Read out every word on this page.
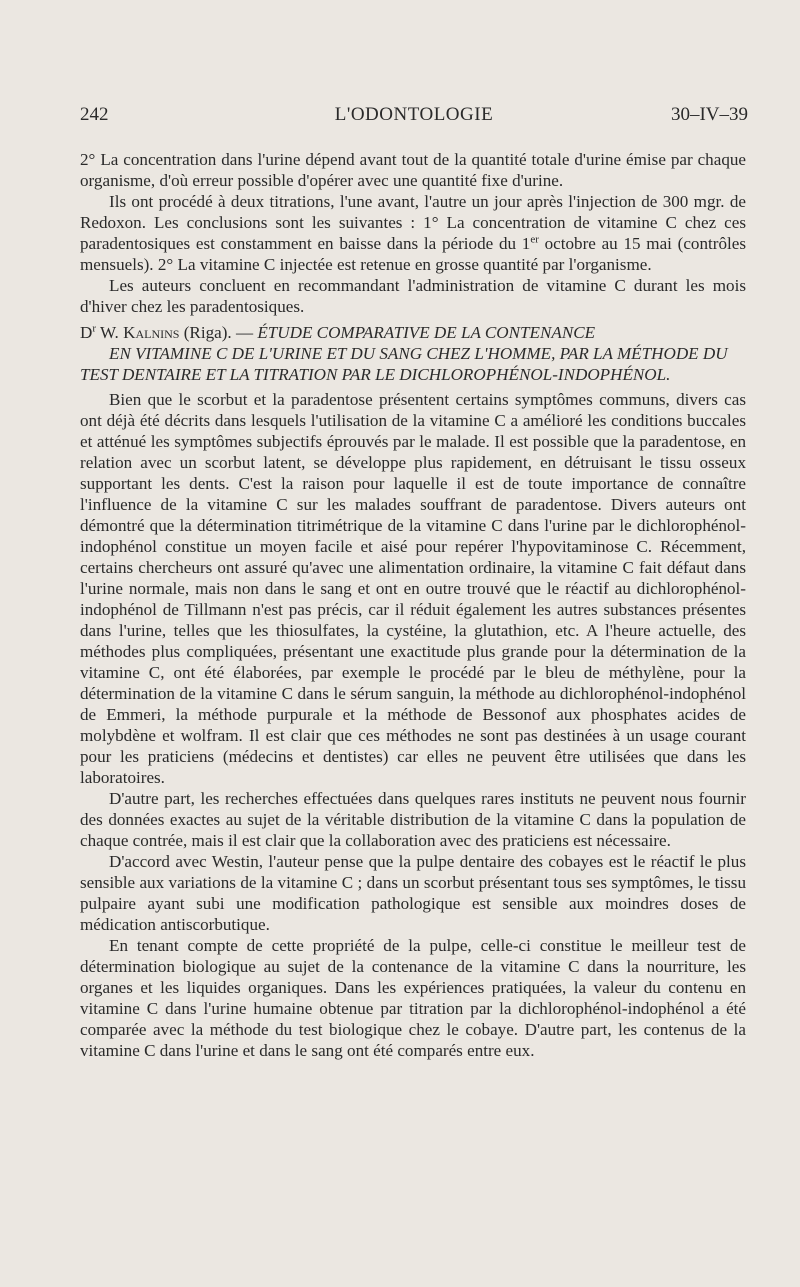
242	L'ODONTOLOGIE	30–IV–39

2° La concentration dans l'urine dépend avant tout de la quantité totale d'urine émise par chaque organisme, d'où erreur possible d'opérer avec une quantité fixe d'urine.

Ils ont procédé à deux titrations, l'une avant, l'autre un jour après l'injection de 300 mgr. de Redoxon. Les conclusions sont les suivantes : 1° La concentration de vitamine C chez ces paradentosiques est constamment en baisse dans la période du 1er octobre au 15 mai (contrôles mensuels). 2° La vitamine C injectée est retenue en grosse quantité par l'organisme.

Les auteurs concluent en recommandant l'administration de vitamine C durant les mois d'hiver chez les paradentosiques.

$D^r$ W. Kalnins (Riga). — ÉTUDE COMPARATIVE DE LA CONTENANCE

EN VITAMINE C DE L'URINE ET DU SANG CHEZ L'HOMME, PAR LA MÉTHODE DU TEST DENTAIRE ET LA TITRATION PAR LE DICHLOROPHÉNOL-INDOPHÉNOL.

Bien que le scorbut et la paradentose présentent certains symptômes communs, divers cas ont déjà été décrits dans lesquels l'utilisation de la vitamine C a amélioré les conditions buccales et atténué les symptômes subjectifs éprouvés par le malade. Il est possible que la paradentose, en relation avec un scorbut latent, se développe plus rapidement, en détruisant le tissu osseux supportant les dents. C'est la raison pour laquelle il est de toute importance de connaître l'influence de la vitamine C sur les malades souffrant de paradentose. Divers auteurs ont démontré que la détermination titrimétrique de la vitamine C dans l'urine par le dichlorophénol-indophénol constitue un moyen facile et aisé pour repérer l'hypovitaminose C. Récemment, certains chercheurs ont assuré qu'avec une alimentation ordinaire, la vitamine C fait défaut dans l'urine normale, mais non dans le sang et ont en outre trouvé que le réactif au dichlorophénol-indophénol de Tillmann n'est pas précis, car il réduit également les autres substances présentes dans l'urine, telles que les thiosulfates, la cystéine, la glutathion, etc. A l'heure actuelle, des méthodes plus compliquées, présentant une exactitude plus grande pour la détermination de la vitamine C, ont été élaborées, par exemple le procédé par le bleu de méthylène, pour la détermination de la vitamine C dans le sérum sanguin, la méthode au dichlorophénol-indophénol de Emmeri, la méthode purpurale et la méthode de Bessonof aux phosphates acides de molybdène et wolfram. Il est clair que ces méthodes ne sont pas destinées à un usage courant pour les praticiens (médecins et dentistes) car elles ne peuvent être utilisées que dans les laboratoires.

D'autre part, les recherches effectuées dans quelques rares instituts ne peuvent nous fournir des données exactes au sujet de la véritable distribution de la vitamine C dans la population de chaque contrée, mais il est clair que la collaboration avec des praticiens est nécessaire.

D'accord avec Westin, l'auteur pense que la pulpe dentaire des cobayes est le réactif le plus sensible aux variations de la vitamine C ; dans un scorbut présentant tous ses symptômes, le tissu pulpaire ayant subi une modification pathologique est sensible aux moindres doses de médication antiscorbutique.

En tenant compte de cette propriété de la pulpe, celle-ci constitue le meilleur test de détermination biologique au sujet de la contenance de la vitamine C dans la nourriture, les organes et les liquides organiques. Dans les expériences pratiquées, la valeur du contenu en vitamine C dans l'urine humaine obtenue par titration par la dichlorophénol-indophénol a été comparée avec la méthode du test biologique chez le cobaye. D'autre part, les contenus de la vitamine C dans l'urine et dans le sang ont été comparés entre eux.
